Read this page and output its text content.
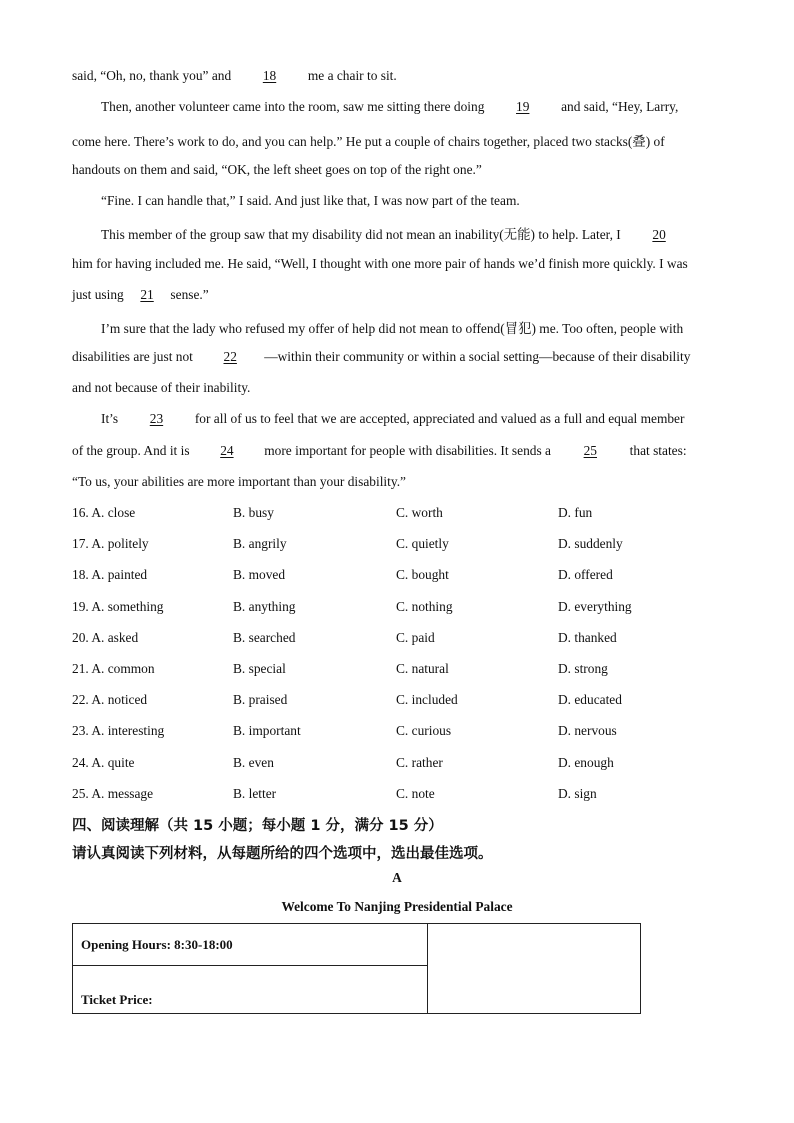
said, “Oh, no, thank you” and 18 me a chair to sit.
Then, another volunteer came into the room, saw me sitting there doing 19 and said, “Hey, Larry,
come here. There’s work to do, and you can help.” He put a couple of chairs together, placed two stacks(叠) of
handouts on them and said, “OK, the left sheet goes on top of the right one.”
“Fine. I can handle that,” I said. And just like that, I was now part of the team.
This member of the group saw that my disability did not mean an inability(无能) to help. Later, I 20
him for having included me. He said, “Well, I thought with one more pair of hands we’d finish more quickly. I was
just using 21 sense.”
I’m sure that the lady who refused my offer of help did not mean to offend(冒犯) me. Too often, people with
disabilities are just not 22 —within their community or within a social setting—because of their disability
and not because of their inability.
It’s 23 for all of us to feel that we are accepted, appreciated and valued as a full and equal member
of the group. And it is 24 more important for people with disabilities. It sends a 25 that states:
“To us, your abilities are more important than your disability.”
16. A. close	B. busy	C. worth	D. fun
17. A. politely	B. angrily	C. quietly	D. suddenly
18. A. painted	B. moved	C. bought	D. offered
19. A. something	B. anything	C. nothing	D. everything
20. A. asked	B. searched	C. paid	D. thanked
21. A. common	B. special	C. natural	D. strong
22. A. noticed	B. praised	C. included	D. educated
23. A. interesting	B. important	C. curious	D. nervous
24. A. quite	B. even	C. rather	D. enough
25. A. message	B. letter	C. note	D. sign
四、阅读理解（共 15 小题；每小题 1 分，满分 15 分）
请认真阅读下列材料，从每题所给的四个选项中，选出最佳选项。
A
Welcome To Nanjing Presidential Palace
Opening Hours: 8:30-18:00	
Ticket Price:
